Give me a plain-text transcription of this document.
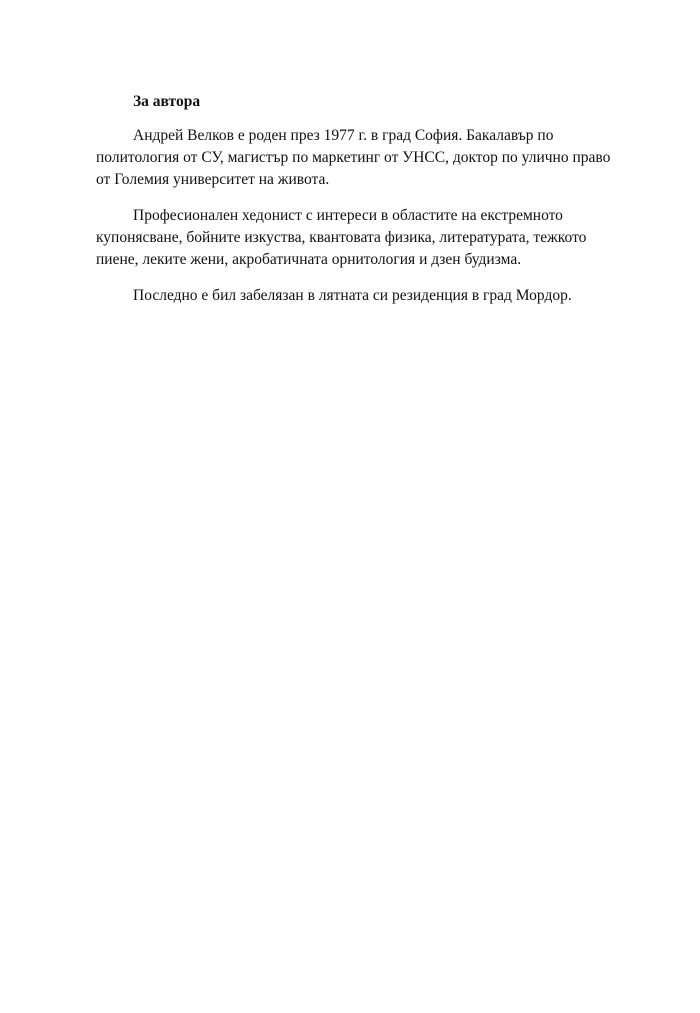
За автора

Андрей Велков е роден през 1977 г. в град София. Бакалавър по политология от СУ, магистър по маркетинг от УНСС, доктор по улично право от Големия университет на живота.

Професионален хедонист с интереси в областите на екстремното купонясване, бойните изкуства, квантовата физика, литературата, тежкото пиене, леките жени, акробатичната орнитология и дзен будизма.

Последно е бил забелязан в лятната си резиденция в град Мордор.
